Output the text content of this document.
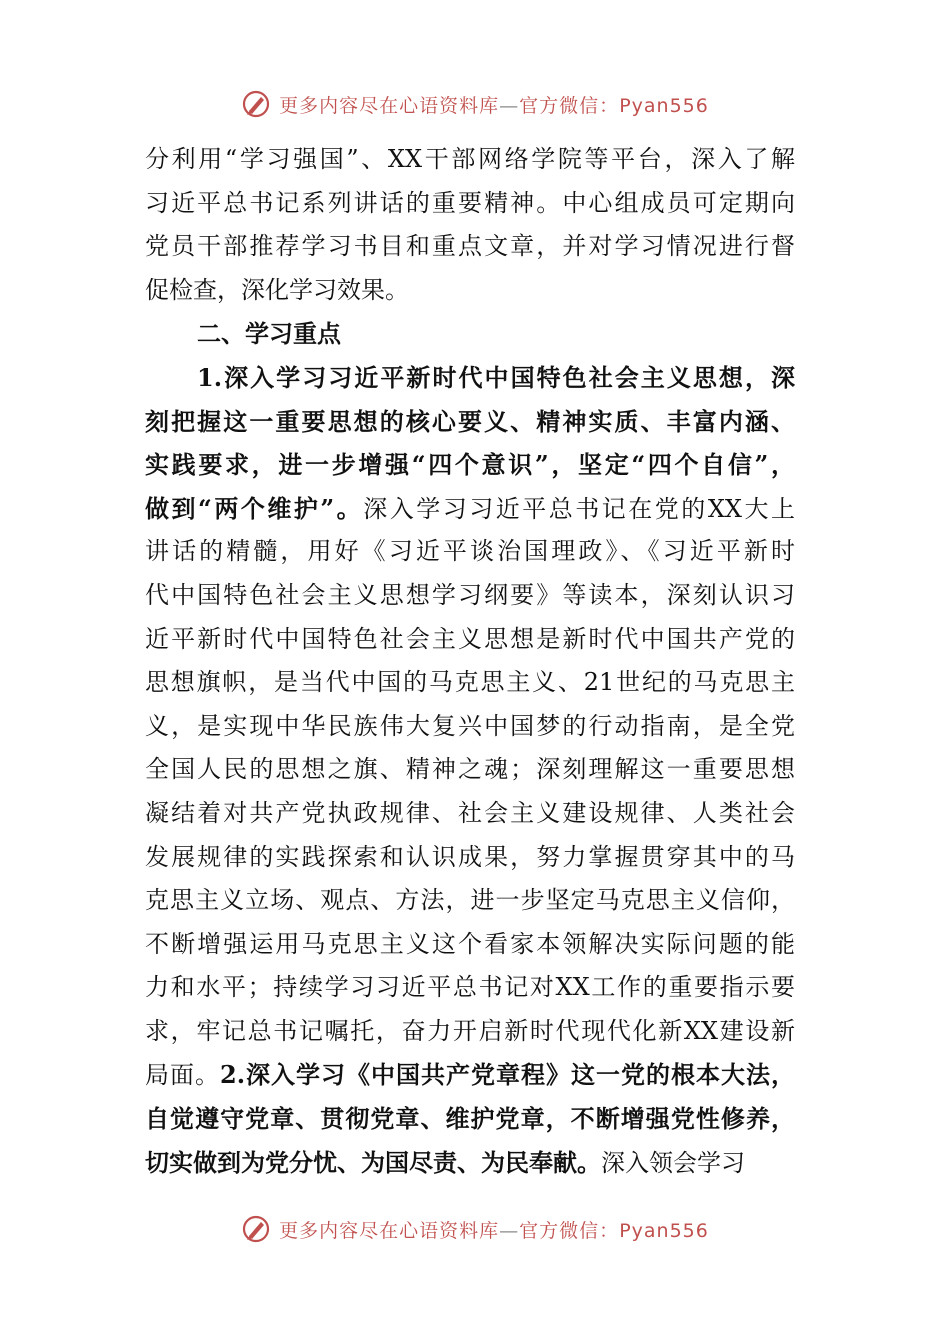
更多内容尽在心语资料库—官方微信：Pyan556
分利用“学习强国”、XX干部网络学院等平台，深入了解
习近平总书记系列讲话的重要精神。中心组成员可定期向
党员干部推荐学习书目和重点文章，并对学习情况进行督
促检查，深化学习效果。
二、学习重点
1.深入学习习近平新时代中国特色社会主义思想，深
刻把握这一重要思想的核心要义、精神实质、丰富内涵、
实践要求，进一步增强“四个意识”，坚定“四个自信”，
做到“两个维护”。深入学习习近平总书记在党的XX大上
讲话的精髓，用好《习近平谈治国理政》、《习近平新时
代中国特色社会主义思想学习纲要》等读本，深刻认识习
近平新时代中国特色社会主义思想是新时代中国共产党的
思想旗帜，是当代中国的马克思主义、21世纪的马克思主
义，是实现中华民族伟大复兴中国梦的行动指南，是全党
全国人民的思想之旗、精神之魂；深刻理解这一重要思想
凝结着对共产党执政规律、社会主义建设规律、人类社会
发展规律的实践探索和认识成果，努力掌握贯穿其中的马
克思主义立场、观点、方法，进一步坚定马克思主义信仰，
不断增强运用马克思主义这个看家本领解决实际问题的能
力和水平；持续学习习近平总书记对XX工作的重要指示要
求，牢记总书记嘱托，奋力开启新时代现代化新XX建设新
局面。2.深入学习《中国共产党章程》这一党的根本大法，
自觉遵守党章、贯彻党章、维护党章，不断增强党性修养，
切实做到为党分忧、为国尽责、为民奉献。深入领会学习
更多内容尽在心语资料库—官方微信：Pyan556
